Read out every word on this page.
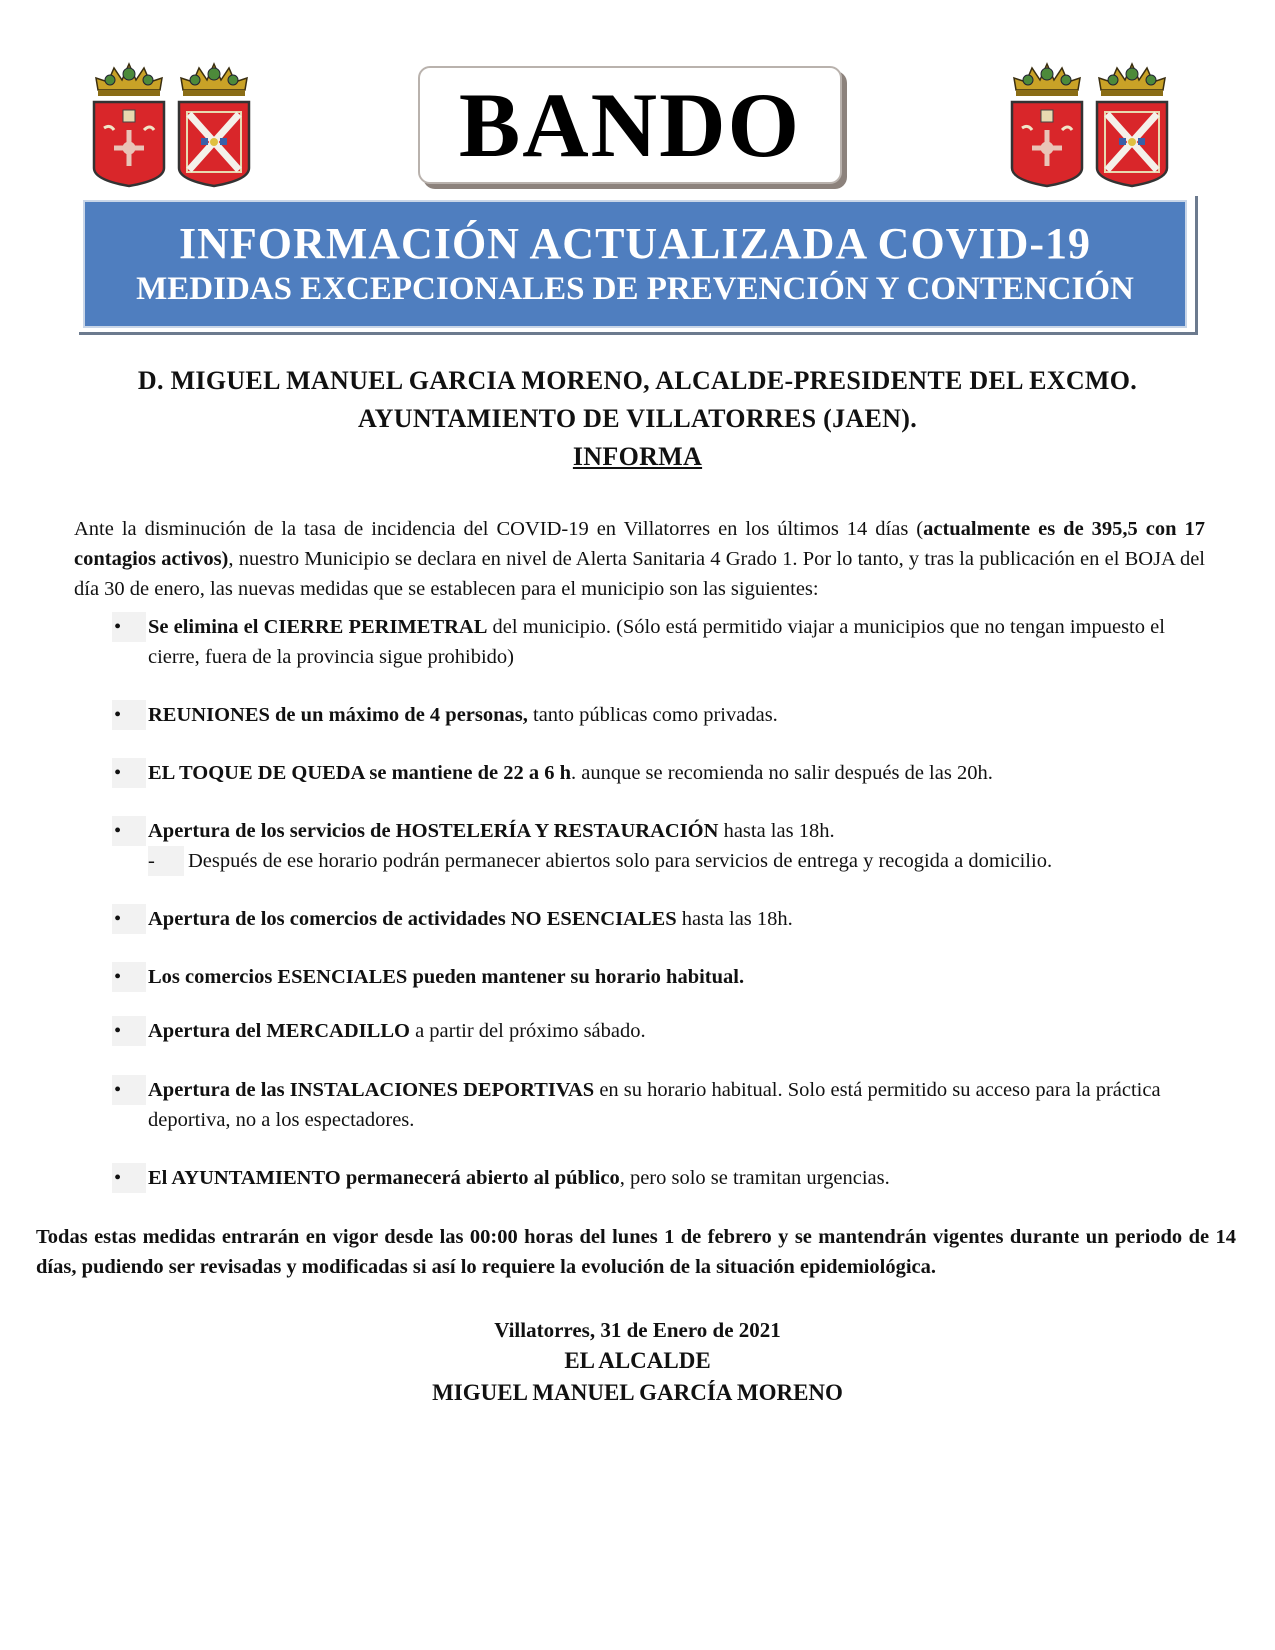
BANDO
INFORMACIÓN ACTUALIZADA COVID-19
MEDIDAS EXCEPCIONALES DE PREVENCIÓN Y CONTENCIÓN
D. MIGUEL MANUEL GARCIA MORENO, ALCALDE-PRESIDENTE DEL EXCMO.
AYUNTAMIENTO DE VILLATORRES (JAEN).
INFORMA

Ante la disminución de la tasa de incidencia del COVID-19 en Villatorres en los últimos 14 días (actualmente es de 395,5 con 17 contagios activos), nuestro Municipio se declara en nivel de Alerta Sanitaria 4 Grado 1. Por lo tanto, y tras la publicación en el BOJA del día 30 de enero, las nuevas medidas que se establecen para el municipio son las siguientes:

•
Se elimina el CIERRE PERIMETRAL del municipio. (Sólo está permitido viajar a municipios que no tengan impuesto el cierre, fuera de la provincia sigue prohibido)
•
REUNIONES de un máximo de 4 personas, tanto públicas como privadas.
•
EL TOQUE DE QUEDA se mantiene de 22 a 6 h. aunque se recomienda no salir después de las 20h.
•
Apertura de los servicios de HOSTELERÍA Y RESTAURACIÓN hasta las 18h.
-	Después de ese horario podrán permanecer abiertos solo para servicios de entrega y recogida a domicilio.
•
Apertura de los comercios de actividades NO ESENCIALES hasta las 18h.
•
Los comercios ESENCIALES pueden mantener su horario habitual.
•
Apertura del MERCADILLO a partir del próximo sábado.
•
Apertura de las INSTALACIONES DEPORTIVAS en su horario habitual. Solo está permitido su acceso para la práctica deportiva, no a los espectadores.
•
El AYUNTAMIENTO permanecerá abierto al público, pero solo se tramitan urgencias.

Todas estas medidas entrarán en vigor desde las 00:00 horas del lunes 1 de febrero y se mantendrán vigentes durante un periodo de 14 días, pudiendo ser revisadas y modificadas si así lo requiere la evolución de la situación epidemiológica.

Villatorres, 31 de Enero de 2021
EL ALCALDE
MIGUEL MANUEL GARCÍA MORENO
